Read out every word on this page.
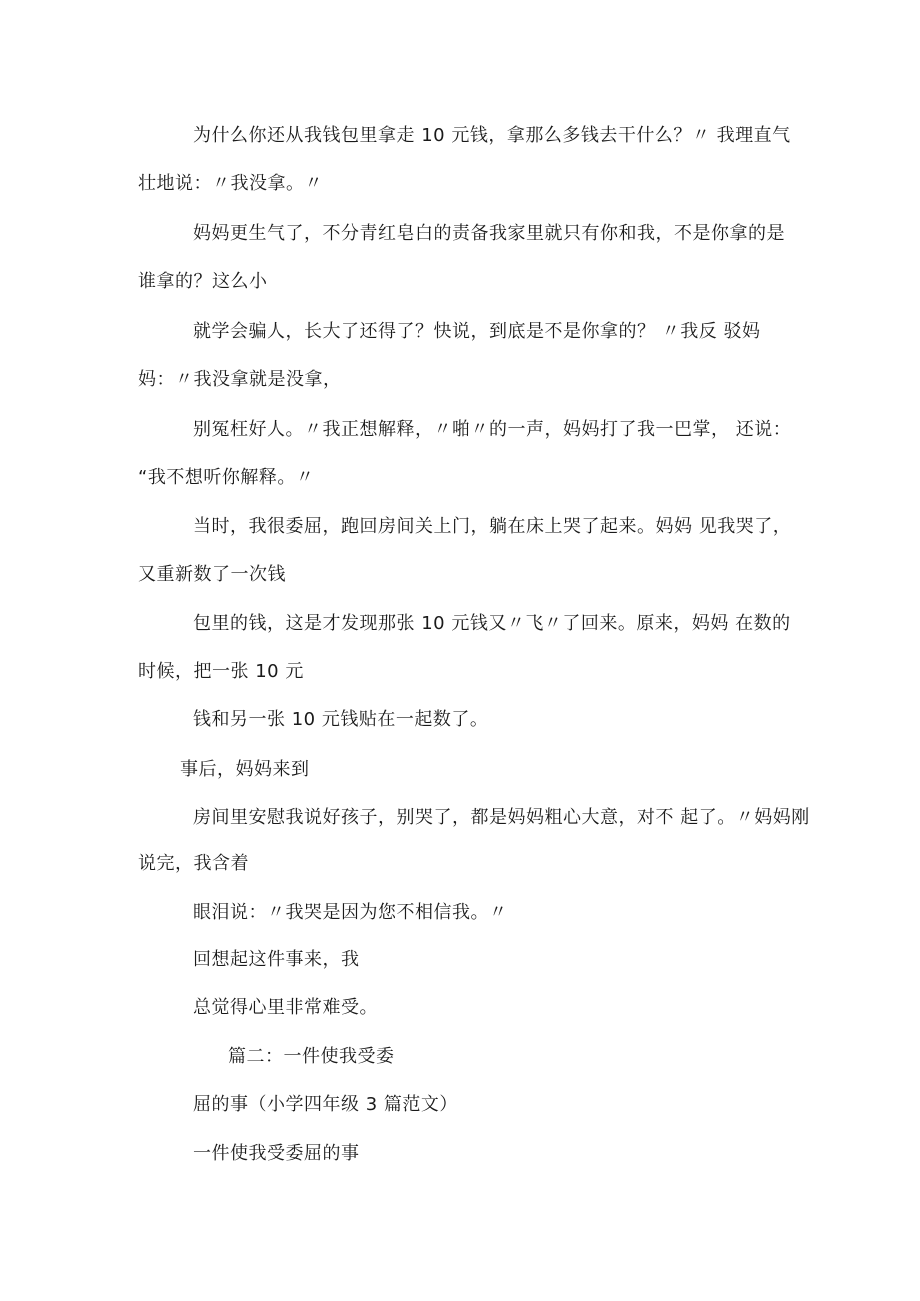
为什么你还从我钱包里拿走 10 元钱，拿那么多钱去干什么？〃 我理直气
壮地说：〃我没拿。〃
妈妈更生气了，不分青红皂白的责备我家里就只有你和我，不是你拿的是
谁拿的？这么小
就学会骗人，长大了还得了？快说，到底是不是你拿的？ 〃我反 驳妈
妈：〃我没拿就是没拿，
别冤枉好人。〃我正想解释，〃啪〃的一声，妈妈打了我一巴掌， 还说：
“我不想听你解释。〃
当时，我很委屈，跑回房间关上门，躺在床上哭了起来。妈妈 见我哭了，
又重新数了一次钱
包里的钱，这是才发现那张 10 元钱又〃飞〃了回来。原来，妈妈 在数的
时候，把一张 10 元
钱和另一张 10 元钱贴在一起数了。
事后，妈妈来到
房间里安慰我说好孩子，别哭了，都是妈妈粗心大意，对不 起了。〃妈妈刚
说完，我含着
眼泪说：〃我哭是因为您不相信我。〃
回想起这件事来，我
总觉得心里非常难受。
篇二：一件使我受委
屈的事（小学四年级 3 篇范文）
一件使我受委屈的事
